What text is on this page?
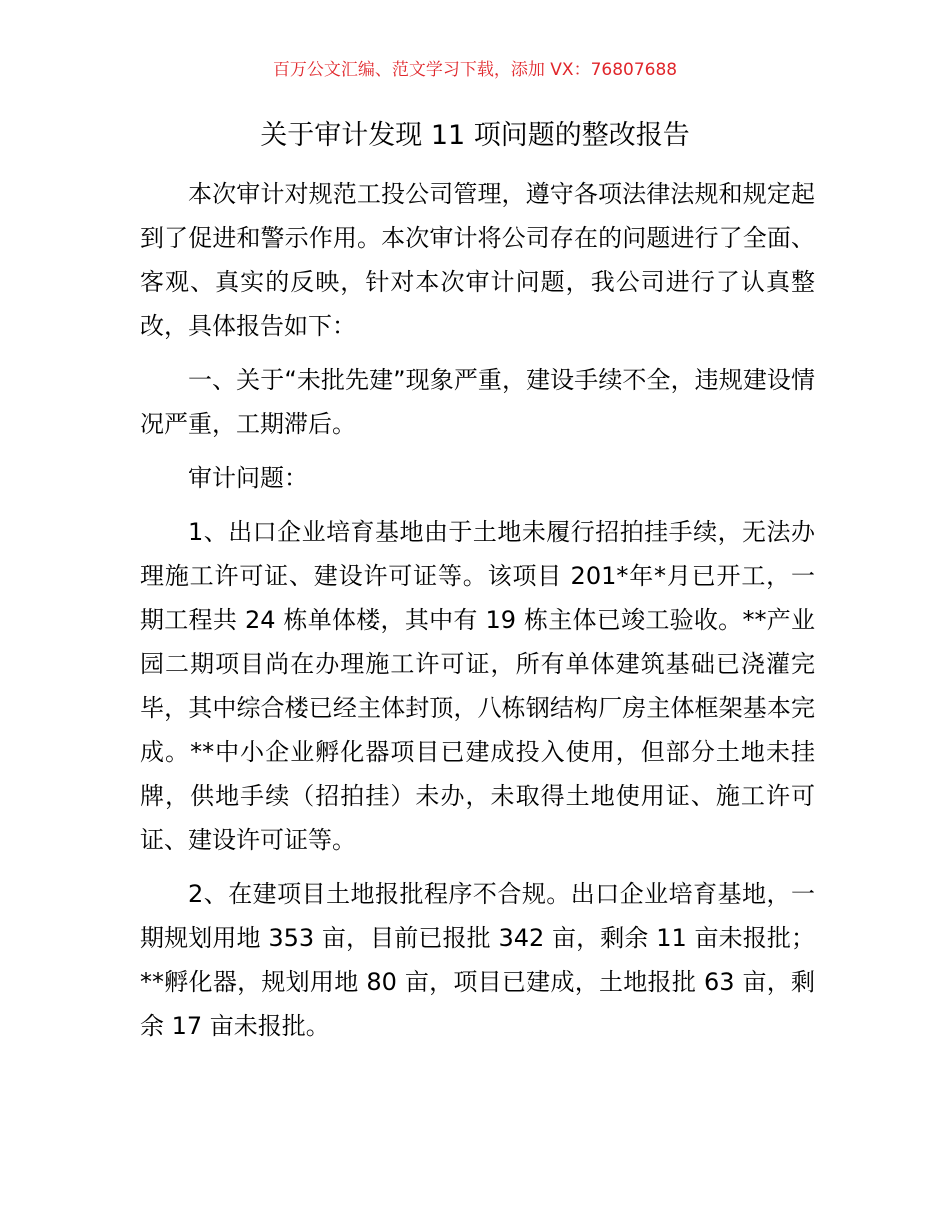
百万公文汇编、范文学习下载，添加 VX：76807688
关于审计发现 11 项问题的整改报告

本次审计对规范工投公司管理，遵守各项法律法规和规定起到了促进和警示作用。本次审计将公司存在的问题进行了全面、客观、真实的反映，针对本次审计问题，我公司进行了认真整改，具体报告如下：

一、关于“未批先建”现象严重，建设手续不全，违规建设情况严重，工期滞后。

审计问题：

1、出口企业培育基地由于土地未履行招拍挂手续，无法办理施工许可证、建设许可证等。该项目 201*年*月已开工，一期工程共 24 栋单体楼，其中有 19 栋主体已竣工验收。**产业园二期项目尚在办理施工许可证，所有单体建筑基础已浇灌完毕，其中综合楼已经主体封顶，八栋钢结构厂房主体框架基本完成。**中小企业孵化器项目已建成投入使用，但部分土地未挂牌，供地手续（招拍挂）未办，未取得土地使用证、施工许可证、建设许可证等。

2、在建项目土地报批程序不合规。出口企业培育基地，一期规划用地 353 亩，目前已报批 342 亩，剩余 11 亩未报批；**孵化器，规划用地 80 亩，项目已建成，土地报批 63 亩，剩余 17 亩未报批。
